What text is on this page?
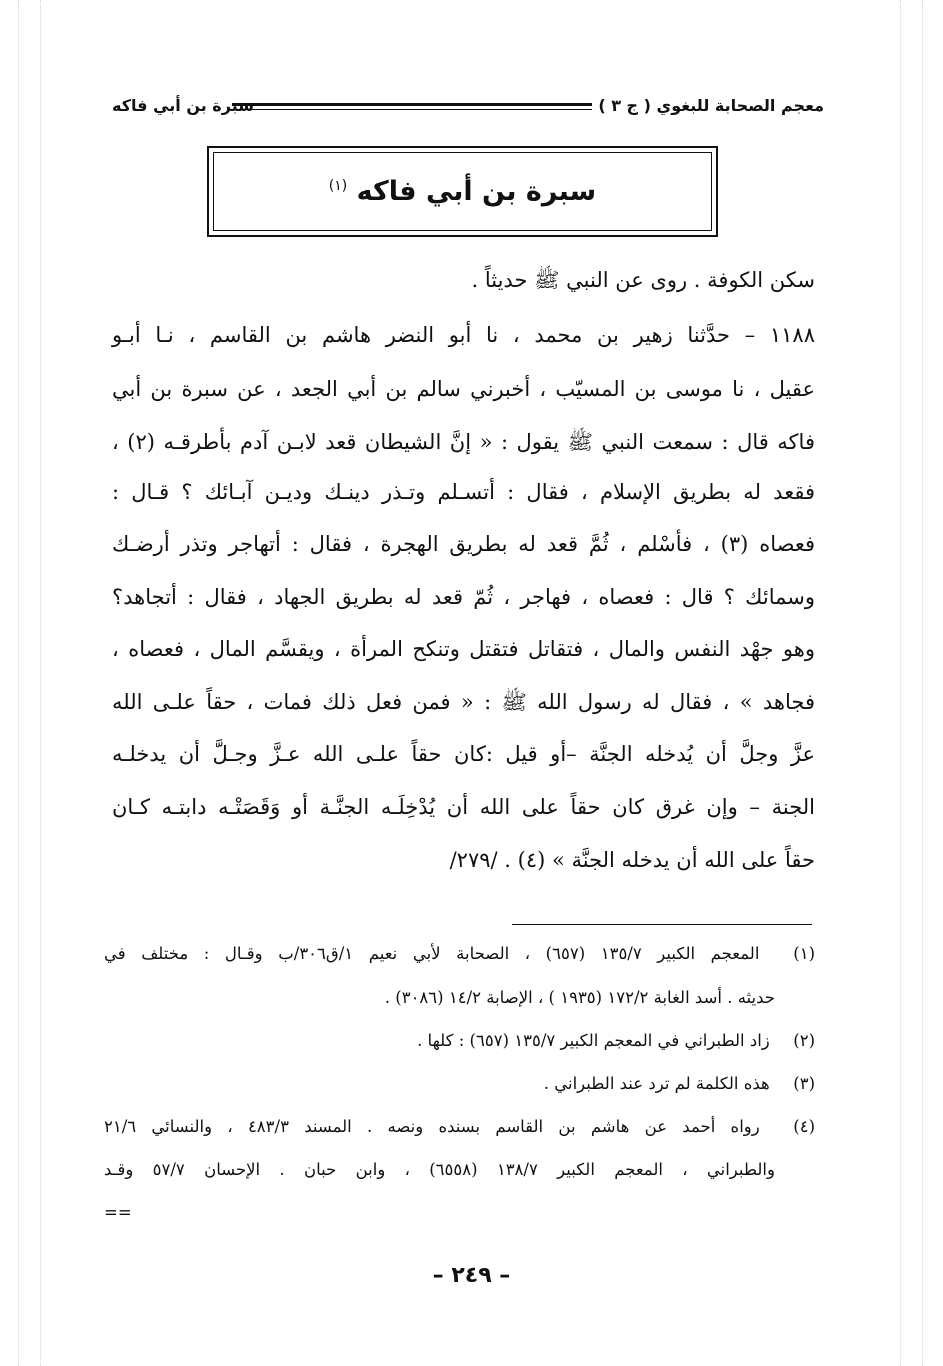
معجم الصحابة للبغوي ( ج ٣ )
سبرة بن أبي فاكه
سبرة بن أبي فاكه $^{(١)}$
سكن الكوفة . روى عن النبي ﷺ حديثاً .
١١٨٨ – حدَّثنا زهير بن محمد ، نا أبو النضر هاشم بن القاسم ، نـا أبـو
عقيل ، نا موسى بن المسيّب ، أخبرني سالم بن أبي الجعد ، عن سبرة بن أبي
فاكه قال : سمعت النبي ﷺ يقول : « إنَّ الشيطان قعد لابـن آدم بأطرقـه (٢) ،
فقعد له بطريق الإسلام ، فقال : أتسـلم وتـذر دينـك وديـن آبـائك ؟ قـال :
فعصاه (٣) ، فأسْلم ، ثُمَّ قعد له بطريق الهجرة ، فقال : أتهاجر وتذر أرضـك
وسمائك ؟ قال : فعصاه ، فهاجر ، ثُمّ قعد له بطريق الجهاد ، فقال : أتجاهد؟
وهو جهْد النفس والمال ، فتقاتل فتقتل وتنكح المرأة ، ويقسَّم المال ، فعصاه ،
فجاهد » ، فقال له رسول الله ﷺ : « فمن فعل ذلك فمات ، حقاً علـى الله
عزَّ وجلَّ أن يُدخله الجنَّة –أو قيل :كان حقاً علـى الله عـزَّ وجـلَّ أن يدخلـه
الجنة – وإن غرق كان حقاً على الله أن يُدْخِلَـه الجنَّـة أو وَقَصَتْـه دابتـه كـان
حقاً على الله أن يدخله الجنَّة » (٤) . /٢٧٩/
(١) المعجم الكبير ١٣٥/٧ (٦٥٧) ، الصحابة لأبي نعيم ١/ق٣٠٦/ب وقـال : مختلف في
حديثه . أسد الغابة ١٧٢/٢ (١٩٣٥ ) ، الإصابة ١٤/٢ (٣٠٨٦) .
(٢) زاد الطبراني في المعجم الكبير ١٣٥/٧ (٦٥٧) : كلها .
(٣) هذه الكلمة لم ترد عند الطبراني .
(٤) رواه أحمد عن هاشم بن القاسم بسنده ونصه . المسند ٤٨٣/٣ ، والنسائي ٢١/٦
والطبراني ، المعجم الكبير ١٣٨/٧ (٦٥٥٨) ، وابن حبان . الإحسان ٥٧/٧ وقـد
==
– ٢٤٩ –
